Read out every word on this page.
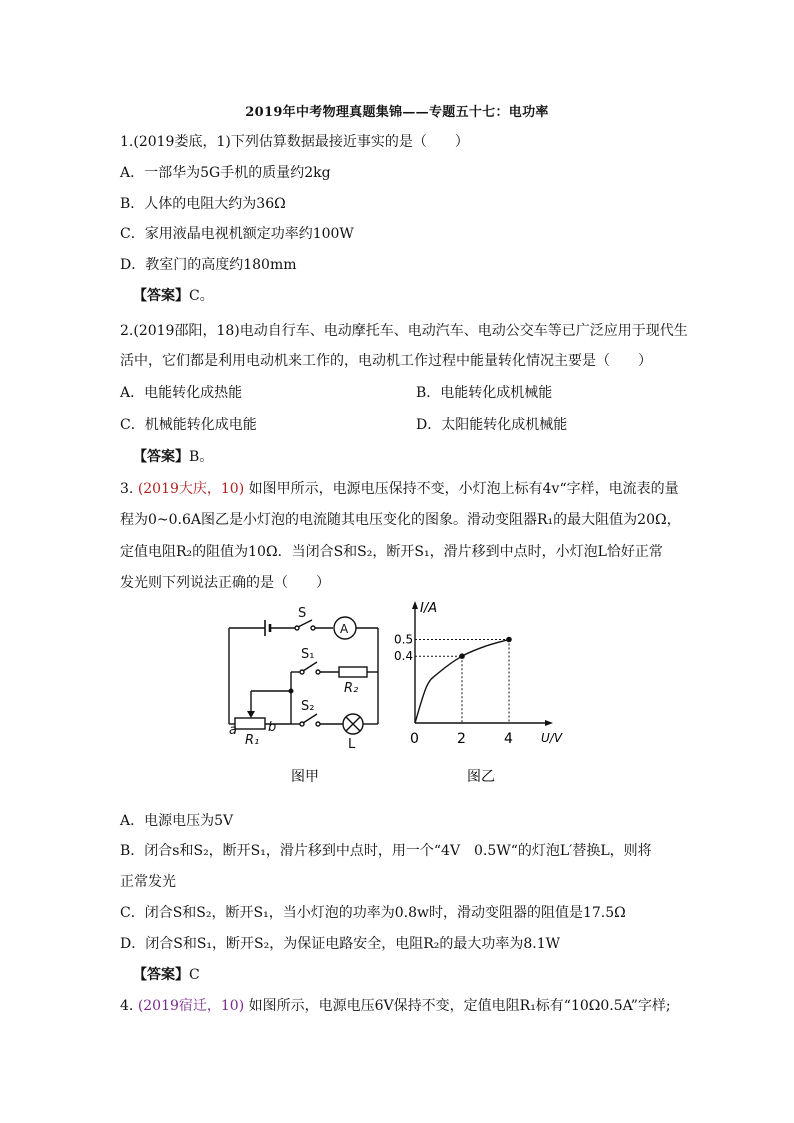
2019年中考物理真题集锦——专题五十七：电功率
1.(2019娄底，1)下列估算数据最接近事实的是（　　）
A．一部华为5G手机的质量约2kg
B．人体的电阻大约为36Ω
C．家用液晶电视机额定功率约100W
D．教室门的高度约180mm
【答案】C。
2.(2019邵阳，18)电动自行车、电动摩托车、电动汽车、电动公交车等已广泛应用于现代生
活中，它们都是利用电动机来工作的，电动机工作过程中能量转化情况主要是（　　）
A．电能转化成热能	B．电能转化成机械能
C．机械能转化成电能	D．太阳能转化成机械能
【答案】B。
3. (2019大庆，10) 如图甲所示，电源电压保持不变，小灯泡上标有4v“字样，电流表的量
程为0~0.6A图乙是小灯泡的电流随其电压变化的图象。滑动变阻器R₁的最大阻值为20Ω，
定值电阻R₂的阻值为10Ω．当闭合S和S₂，断开S₁，滑片移到中点时，小灯泡L恰好正常
发光则下列说法正确的是（　　）
S
A
S₁
R₂
S₂
a b
R₁	L
I/A
U/V
0	2	4
0.4
0.5
图甲	图乙
A．电源电压为5V
B．闭合s和S₂，断开S₁，滑片移到中点时，用一个“4V　0.5W“的灯泡L′替换L，则将
正常发光
C．闭合S和S₂，断开S₁，当小灯泡的功率为0.8w时，滑动变阻器的阻值是17.5Ω
D．闭合S和S₁，断开S₂，为保证电路安全，电阻R₂的最大功率为8.1W
【答案】C
4. (2019宿迁，10) 如图所示，电源电压6V保持不变，定值电阻R₁标有“10Ω0.5A”字样;
